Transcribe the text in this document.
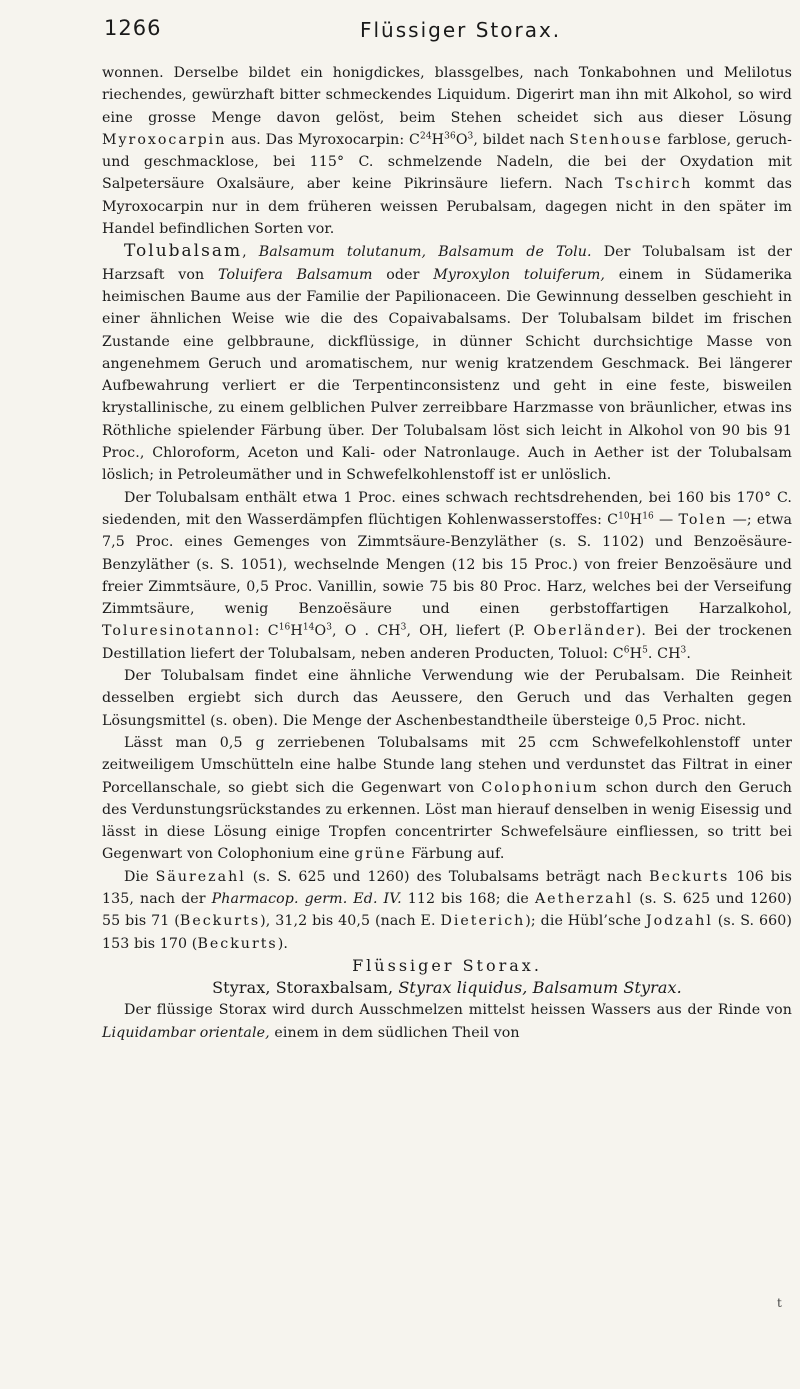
1266	Flüssiger Storax.

wonnen. Derselbe bildet ein honigdickes, blassgelbes, nach Tonkabohnen und Melilotus riechendes, gewürzhaft bitter schmeckendes Liquidum. Digerirt man ihn mit Alkohol, so wird eine grosse Menge davon gelöst, beim Stehen scheidet sich aus dieser Lösung Myroxocarpin aus. Das Myroxocarpin: $C^{24}H^{36}O^3$, bildet nach Stenhouse farblose, geruch- und geschmacklose, bei 115° C. schmelzende Nadeln, die bei der Oxydation mit Salpetersäure Oxalsäure, aber keine Pikrinsäure liefern. Nach Tschirch kommt das Myroxocarpin nur in dem früheren weissen Perubalsam, dagegen nicht in den später im Handel befindlichen Sorten vor.

Tolubalsam, Balsamum tolutanum, Balsamum de Tolu. Der Tolubalsam ist der Harzsaft von Toluifera Balsamum oder Myroxylon toluiferum, einem in Südamerika heimischen Baume aus der Familie der Papilionaceen. Die Gewinnung desselben geschieht in einer ähnlichen Weise wie die des Copaivabalsams. Der Tolubalsam bildet im frischen Zustande eine gelbbraune, dickflüssige, in dünner Schicht durchsichtige Masse von angenehmem Geruch und aromatischem, nur wenig kratzendem Geschmack. Bei längerer Aufbewahrung verliert er die Terpentinconsistenz und geht in eine feste, bisweilen krystallinische, zu einem gelblichen Pulver zerreibbare Harzmasse von bräunlicher, etwas ins Röthliche spielender Färbung über. Der Tolubalsam löst sich leicht in Alkohol von 90 bis 91 Proc., Chloroform, Aceton und Kali- oder Natronlauge. Auch in Aether ist der Tolubalsam löslich; in Petroleumäther und in Schwefelkohlenstoff ist er unlöslich.

Der Tolubalsam enthält etwa 1 Proc. eines schwach rechtsdrehenden, bei 160 bis 170° C. siedenden, mit den Wasserdämpfen flüchtigen Kohlenwasserstoffes: $C^{10}H^{16}$ — Tolen —; etwa 7,5 Proc. eines Gemenges von Zimmtsäure-Benzyläther (s. S. 1102) und Benzoësäure-Benzyläther (s. S. 1051), wechselnde Mengen (12 bis 15 Proc.) von freier Benzoësäure und freier Zimmtsäure, 0,5 Proc. Vanillin, sowie 75 bis 80 Proc. Harz, welches bei der Verseifung Zimmtsäure, wenig Benzoësäure und einen gerbstoffartigen Harzalkohol, Toluresinotannol: $C^{16}H^{14}O^3$, O . $CH^3$, OH, liefert (P. Oberländer). Bei der trockenen Destillation liefert der Tolubalsam, neben anderen Producten, Toluol: $C^6H^5$. $CH^3$.

Der Tolubalsam findet eine ähnliche Verwendung wie der Perubalsam. Die Reinheit desselben ergiebt sich durch das Aeussere, den Geruch und das Verhalten gegen Lösungsmittel (s. oben). Die Menge der Aschenbestandtheile übersteige 0,5 Proc. nicht.

Lässt man 0,5 g zerriebenen Tolubalsams mit 25 ccm Schwefelkohlenstoff unter zeitweiligem Umschütteln eine halbe Stunde lang stehen und verdunstet das Filtrat in einer Porcellanschale, so giebt sich die Gegenwart von Colophonium schon durch den Geruch des Verdunstungsrückstandes zu erkennen. Löst man hierauf denselben in wenig Eisessig und lässt in diese Lösung einige Tropfen concentrirter Schwefelsäure einfliessen, so tritt bei Gegenwart von Colophonium eine grüne Färbung auf.

Die Säurezahl (s. S. 625 und 1260) des Tolubalsams beträgt nach Beckurts 106 bis 135, nach der Pharmacop. germ. Ed. IV. 112 bis 168; die Aetherzahl (s. S. 625 und 1260) 55 bis 71 (Beckurts), 31,2 bis 40,5 (nach E. Dieterich); die Hübl’sche Jodzahl (s. S. 660) 153 bis 170 (Beckurts).

Flüssiger Storax.

Styrax, Storaxbalsam, Styrax liquidus, Balsamum Styrax.

Der flüssige Storax wird durch Ausschmelzen mittelst heissen Wassers aus der Rinde von Liquidambar orientale, einem in dem südlichen Theil von

t
